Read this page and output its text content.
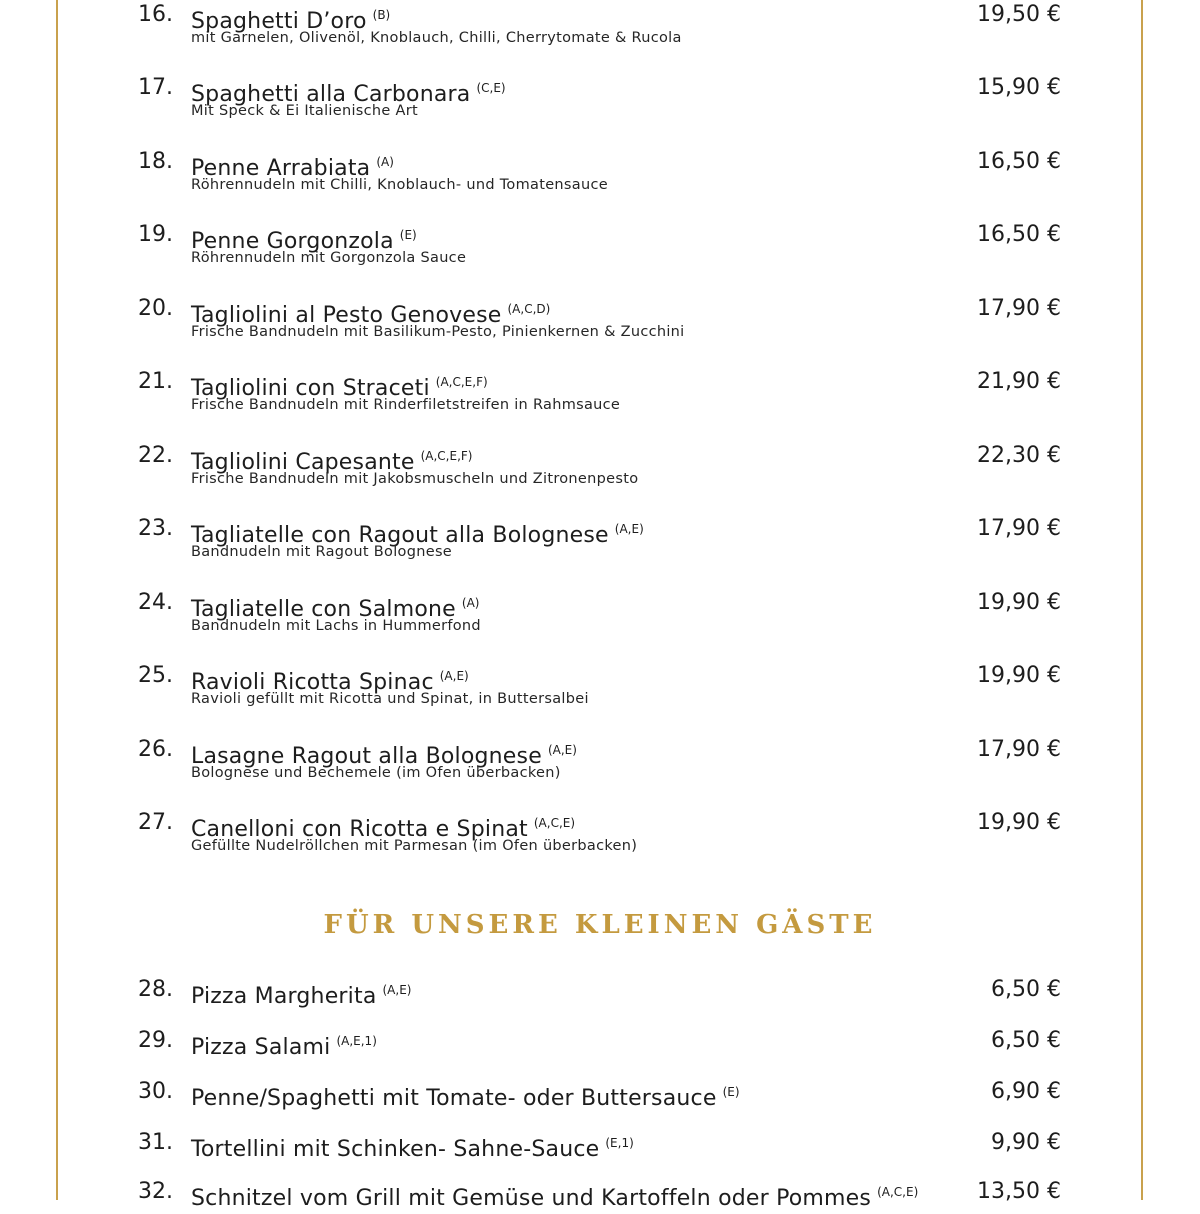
16. Spaghetti D’oro $^{(B)}$
mit Garnelen, Olivenöl, Knoblauch, Chilli, Cherrytomate & Rucola
19,50 €
17. Spaghetti alla Carbonara $^{(C,E)}$
Mit Speck & Ei Italienische Art
15,90 €
18. Penne Arrabiata $^{(A)}$
Röhrennudeln mit Chilli, Knoblauch- und Tomatensauce
16,50 €
19. Penne Gorgonzola $^{(E)}$
Röhrennudeln mit Gorgonzola Sauce
16,50 €
20. Tagliolini al Pesto Genovese $^{(A,C,D)}$
Frische Bandnudeln mit Basilikum-Pesto, Pinienkernen & Zucchini
17,90 €
21. Tagliolini con Straceti $^{(A,C,E,F)}$
Frische Bandnudeln mit Rinderfiletstreifen in Rahmsauce
21,90 €
22. Tagliolini Capesante $^{(A,C,E,F)}$
Frische Bandnudeln mit Jakobsmuscheln und Zitronenpesto
22,30 €
23. Tagliatelle con Ragout alla Bolognese $^{(A,E)}$
Bandnudeln mit Ragout Bolognese
17,90 €
24. Tagliatelle con Salmone $^{(A)}$
Bandnudeln mit Lachs in Hummerfond
19,90 €
25. Ravioli Ricotta Spinac $^{(A,E)}$
Ravioli gefüllt mit Ricotta und Spinat, in Buttersalbei
19,90 €
26. Lasagne Ragout alla Bolognese $^{(A,E)}$
Bolognese und Bechemele (im Ofen überbacken)
17,90 €
27. Canelloni con Ricotta e Spinat $^{(A,C,E)}$
Gefüllte Nudelröllchen mit Parmesan (im Ofen überbacken)
19,90 €
FÜR UNSERE KLEINEN GÄSTE
28. Pizza Margherita $^{(A,E)}$	6,50 €
29. Pizza Salami $^{(A,E,1)}$	6,50 €
30. Penne/Spaghetti mit Tomate- oder Buttersauce $^{(E)}$	6,90 €
31. Tortellini mit Schinken- Sahne-Sauce $^{(E,1)}$	9,90 €
32. Schnitzel vom Grill mit Gemüse und Kartoffeln oder Pommes $^{(A,C,E)}$	13,50 €
